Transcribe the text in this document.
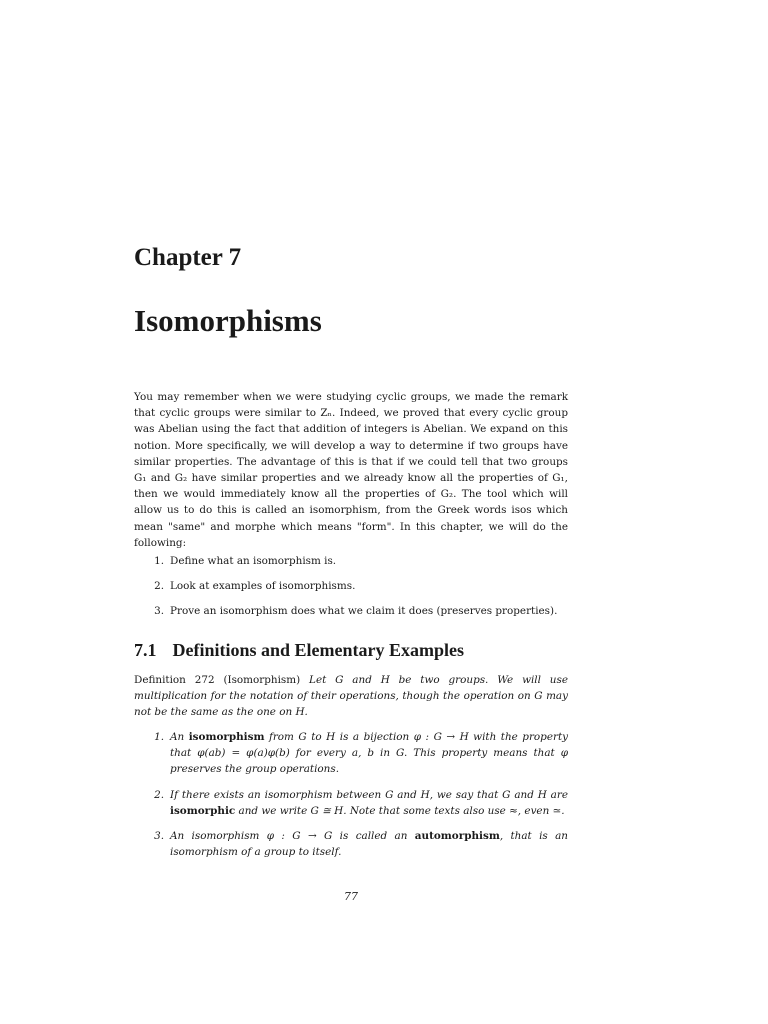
Chapter 7
Isomorphisms

You may remember when we were studying cyclic groups, we made the remark that cyclic groups were similar to Zₙ. Indeed, we proved that every cyclic group was Abelian using the fact that addition of integers is Abelian. We expand on this notion. More specifically, we will develop a way to determine if two groups have similar properties. The advantage of this is that if we could tell that two groups G₁ and G₂ have similar properties and we already know all the properties of G₁, then we would immediately know all the properties of G₂. The tool which will allow us to do this is called an isomorphism, from the Greek words isos which mean "same" and morphe which means "form". In this chapter, we will do the following:

1. Define what an isomorphism is.
2. Look at examples of isomorphisms.
3. Prove an isomorphism does what we claim it does (preserves properties).
7.1 Definitions and Elementary Examples

Definition 272 (Isomorphism) Let G and H be two groups. We will use multiplication for the notation of their operations, though the operation on G may not be the same as the one on H.

1. An isomorphism from G to H is a bijection φ : G → H with the property that φ(ab) = φ(a)φ(b) for every a, b in G. This property means that φ preserves the group operations.
2. If there exists an isomorphism between G and H, we say that G and H are isomorphic and we write G ≅ H. Note that some texts also use ≈, even ≃.
3. An isomorphism φ : G → G is called an automorphism, that is an isomorphism of a group to itself.

77
